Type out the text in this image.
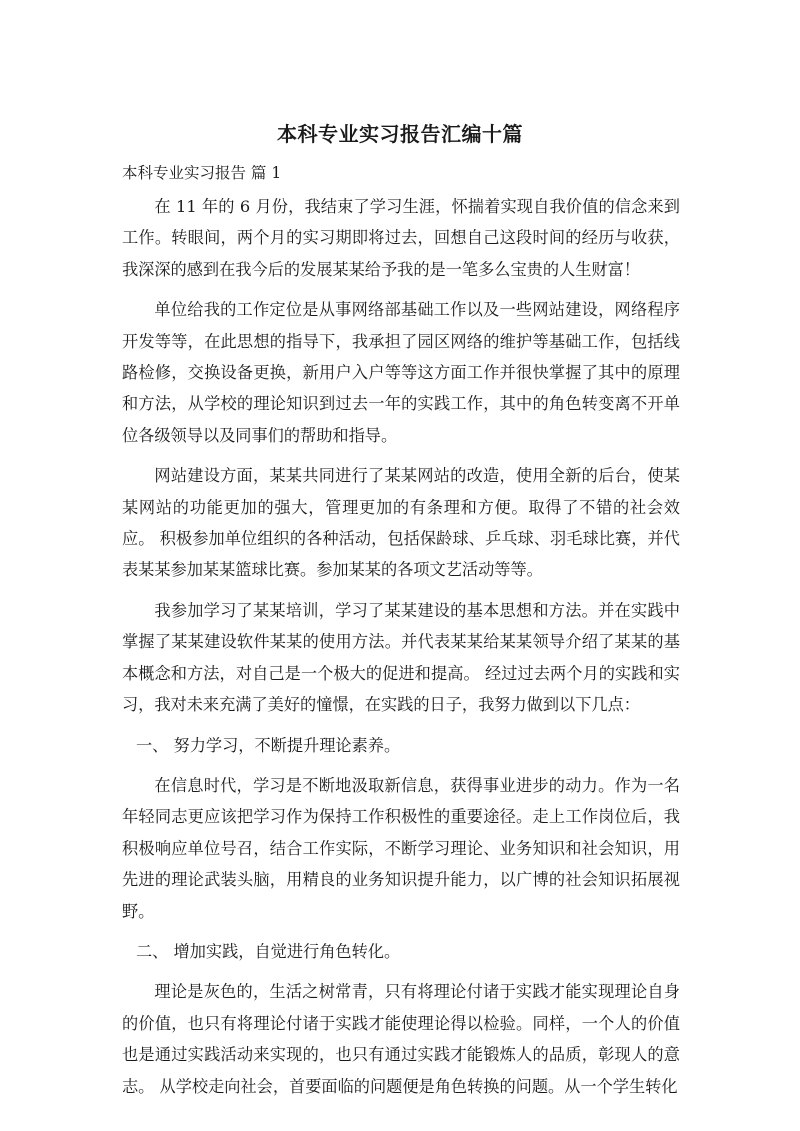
本科专业实习报告汇编十篇

本科专业实习报告 篇 1

在 11 年的 6 月份，我结束了学习生涯，怀揣着实现自我价值的信念来到工作。转眼间，两个月的实习期即将过去，回想自己这段时间的经历与收获，我深深的感到在我今后的发展某某给予我的是一笔多么宝贵的人生财富！

单位给我的工作定位是从事网络部基础工作以及一些网站建设，网络程序开发等等，在此思想的指导下，我承担了园区网络的维护等基础工作，包括线路检修，交换设备更换，新用户入户等等这方面工作并很快掌握了其中的原理和方法，从学校的理论知识到过去一年的实践工作，其中的角色转变离不开单位各级领导以及同事们的帮助和指导。

网站建设方面，某某共同进行了某某网站的改造，使用全新的后台，使某某网站的功能更加的强大，管理更加的有条理和方便。取得了不错的社会效应。 积极参加单位组织的各种活动，包括保龄球、乒乓球、羽毛球比赛，并代表某某参加某某篮球比赛。参加某某的各项文艺活动等等。

我参加学习了某某培训，学习了某某建设的基本思想和方法。并在实践中掌握了某某建设软件某某的使用方法。并代表某某给某某领导介绍了某某的基本概念和方法，对自己是一个极大的促进和提高。 经过过去两个月的实践和实习，我对未来充满了美好的憧憬，在实践的日子，我努力做到以下几点：

一、 努力学习，不断提升理论素养。

在信息时代，学习是不断地汲取新信息，获得事业进步的动力。作为一名年轻同志更应该把学习作为保持工作积极性的重要途径。走上工作岗位后，我积极响应单位号召，结合工作实际，不断学习理论、业务知识和社会知识，用先进的理论武装头脑，用精良的业务知识提升能力，以广博的社会知识拓展视野。

二、 增加实践，自觉进行角色转化。

理论是灰色的，生活之树常青，只有将理论付诸于实践才能实现理论自身的价值，也只有将理论付诸于实践才能使理论得以检验。同样，一个人的价值也是通过实践活动来实现的，也只有通过实践才能锻炼人的品质，彰现人的意志。 从学校走向社会，首要面临的问题便是角色转换的问题。从一个学生转化
